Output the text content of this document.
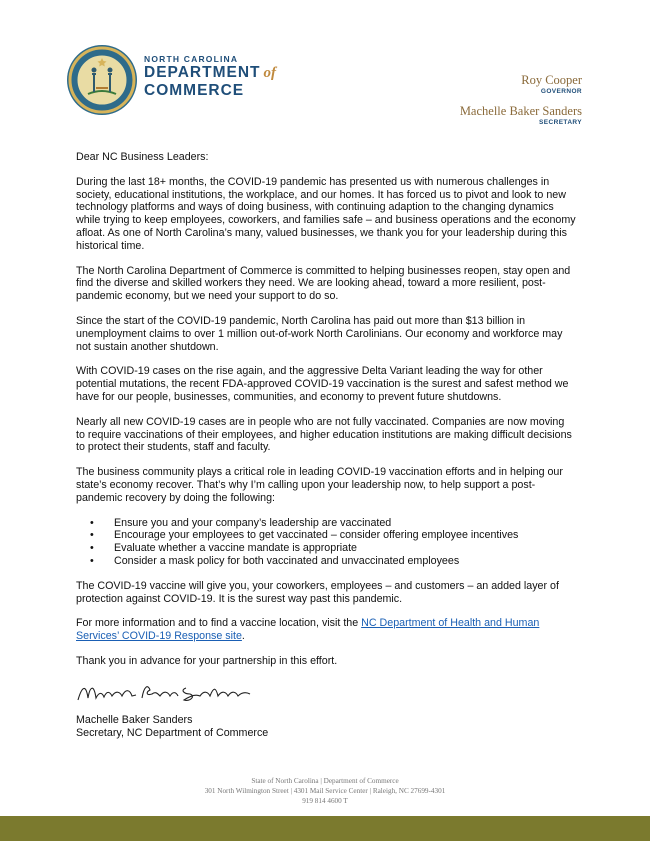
NORTH CAROLINA
DEPARTMENT of
COMMERCE
Roy Cooper
GOVERNOR
Machelle Baker Sanders
SECRETARY

Dear NC Business Leaders:

During the last 18+ months, the COVID-19 pandemic has presented us with numerous challenges in society, educational institutions, the workplace, and our homes. It has forced us to pivot and look to new technology platforms and ways of doing business, with continuing adaption to the changing dynamics while trying to keep employees, coworkers, and families safe – and business operations and the economy afloat. As one of North Carolina’s many, valued businesses, we thank you for your leadership during this historical time.

The North Carolina Department of Commerce is committed to helping businesses reopen, stay open and find the diverse and skilled workers they need. We are looking ahead, toward a more resilient, post-pandemic economy, but we need your support to do so.

Since the start of the COVID-19 pandemic, North Carolina has paid out more than $13 billion in unemployment claims to over 1 million out-of-work North Carolinians. Our economy and workforce may not sustain another shutdown.

With COVID-19 cases on the rise again, and the aggressive Delta Variant leading the way for other potential mutations, the recent FDA-approved COVID-19 vaccination is the surest and safest method we have for our people, businesses, communities, and economy to prevent future shutdowns.

Nearly all new COVID-19 cases are in people who are not fully vaccinated. Companies are now moving to require vaccinations of their employees, and higher education institutions are making difficult decisions to protect their students, staff and faculty.

The business community plays a critical role in leading COVID-19 vaccination efforts and in helping our state’s economy recover. That’s why I’m calling upon your leadership now, to help support a post-pandemic recovery by doing the following:

• Ensure you and your company’s leadership are vaccinated
• Encourage your employees to get vaccinated – consider offering employee incentives
• Evaluate whether a vaccine mandate is appropriate
• Consider a mask policy for both vaccinated and unvaccinated employees

The COVID-19 vaccine will give you, your coworkers, employees – and customers – an added layer of protection against COVID-19. It is the surest way past this pandemic.

For more information and to find a vaccine location, visit the NC Department of Health and Human Services’ COVID-19 Response site.

Thank you in advance for your partnership in this effort.

Machelle Baker Sanders
Secretary, NC Department of Commerce
State of North Carolina | Department of Commerce
301 North Wilmington Street | 4301 Mail Service Center | Raleigh, NC 27699-4301
919 814 4600 T
